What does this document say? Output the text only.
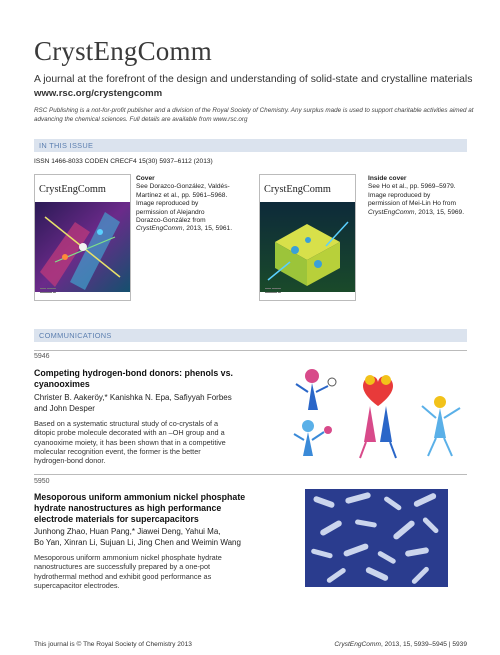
CrystEngComm
A journal at the forefront of the design and understanding of solid-state and crystalline materials
www.rsc.org/crystengcomm
RSC Publishing is a not-for-profit publisher and a division of the Royal Society of Chemistry. Any surplus made is used to support charitable activities aimed at advancing the chemical sciences. Full details are available from www.rsc.org
IN THIS ISSUE
ISSN 1466-8033 CODEN CRECF4 15(30) 5937–6112 (2013)
CrystEngComm
▬▬ ▬▬▬
▬▬▬▬ ▬
Cover
See Dorazco-González, Valdés-
Martínez et al., pp. 5961–5968.
Image reproduced by
permission of Alejandro
Dorazco-González from
CrystEngComm, 2013, 15, 5961.
CrystEngComm
▬▬ ▬▬▬
▬▬▬▬ ▬
Inside cover
See Ho et al., pp. 5969–5979.
Image reproduced by
permission of Mei-Lin Ho from
CrystEngComm, 2013, 15, 5969.
COMMUNICATIONS
5946
Competing hydrogen-bond donors: phenols vs.
cyanooximes
Christer B. Aakeröy,* Kanishka N. Epa, Safiyyah Forbes
and John Desper
Based on a systematic structural study of co-crystals of a
ditopic probe molecule decorated with an –OH group and a
cyanooxime moiety, it has been shown that in a competitive
molecular recognition event, the former is the better
hydrogen-bond donor.
5950
Mesoporous uniform ammonium nickel phosphate
hydrate nanostructures as high performance
electrode materials for supercapacitors
Junhong Zhao, Huan Pang,* Jiawei Deng, Yahui Ma,
Bo Yan, Xinran Li, Sujuan Li, Jing Chen and Weimin Wang
Mesoporous uniform ammonium nickel phosphate hydrate
nanostructures are successfully prepared by a one-pot
hydrothermal method and exhibit good performance as
supercapacitor electrodes.
This journal is © The Royal Society of Chemistry 2013	CrystEngComm, 2013, 15, 5939–5945 | 5939
